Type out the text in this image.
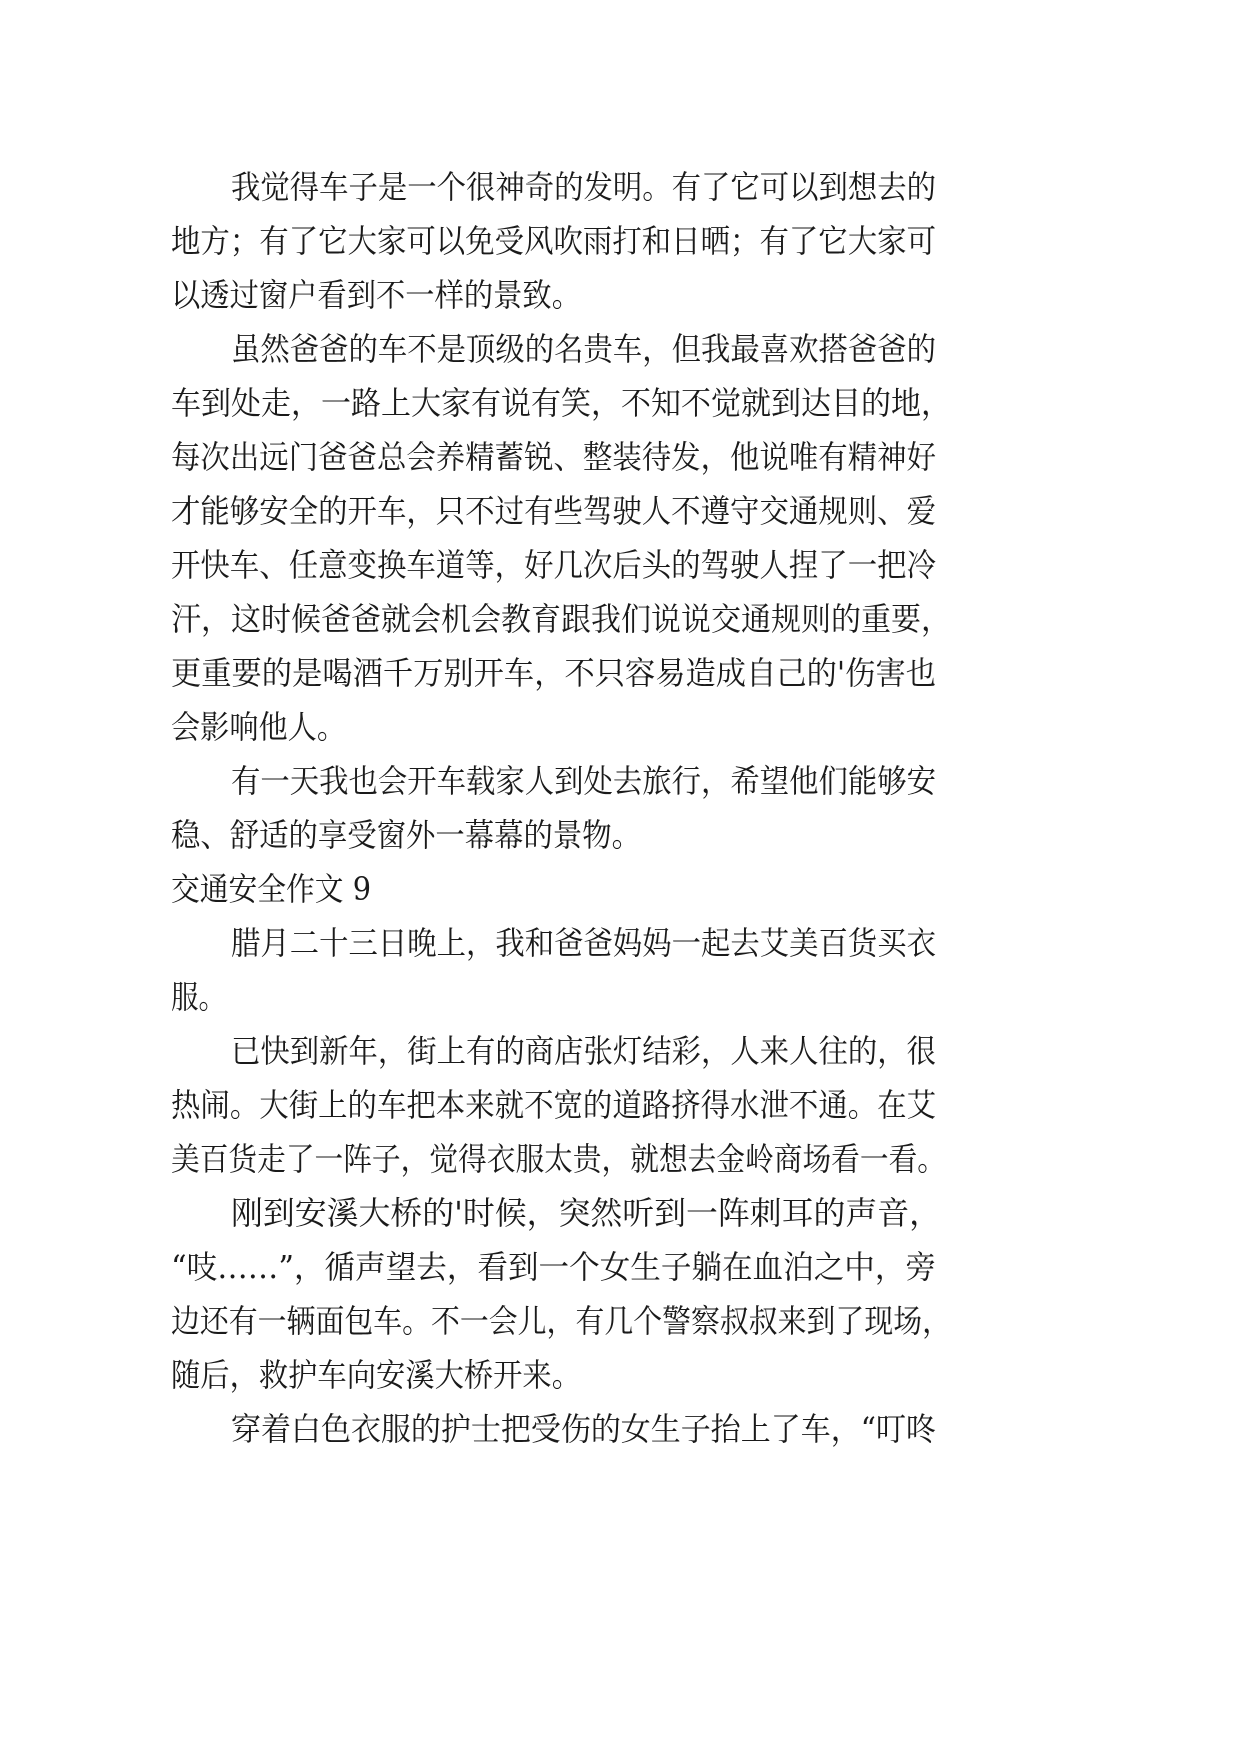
我觉得车子是一个很神奇的发明。有了它可以到想去的
地方；有了它大家可以免受风吹雨打和日晒；有了它大家可
以透过窗户看到不一样的景致。
虽然爸爸的车不是顶级的名贵车，但我最喜欢搭爸爸的
车到处走，一路上大家有说有笑，不知不觉就到达目的地，
每次出远门爸爸总会养精蓄锐、整装待发，他说唯有精神好
才能够安全的开车，只不过有些驾驶人不遵守交通规则、爱
开快车、任意变换车道等，好几次后头的驾驶人捏了一把冷
汗，这时候爸爸就会机会教育跟我们说说交通规则的重要，
更重要的是喝酒千万别开车，不只容易造成自己的'伤害也
会影响他人。
有一天我也会开车载家人到处去旅行，希望他们能够安
稳、舒适的享受窗外一幕幕的景物。
交通安全作文 9
腊月二十三日晚上，我和爸爸妈妈一起去艾美百货买衣
服。
已快到新年，街上有的商店张灯结彩，人来人往的，很
热闹。大街上的车把本来就不宽的道路挤得水泄不通。在艾
美百货走了一阵子，觉得衣服太贵，就想去金岭商场看一看。
刚到安溪大桥的'时候，突然听到一阵刺耳的声音，
“吱……”，循声望去，看到一个女生子躺在血泊之中，旁
边还有一辆面包车。不一会儿，有几个警察叔叔来到了现场，
随后，救护车向安溪大桥开来。
穿着白色衣服的护士把受伤的女生子抬上了车，“叮咚
